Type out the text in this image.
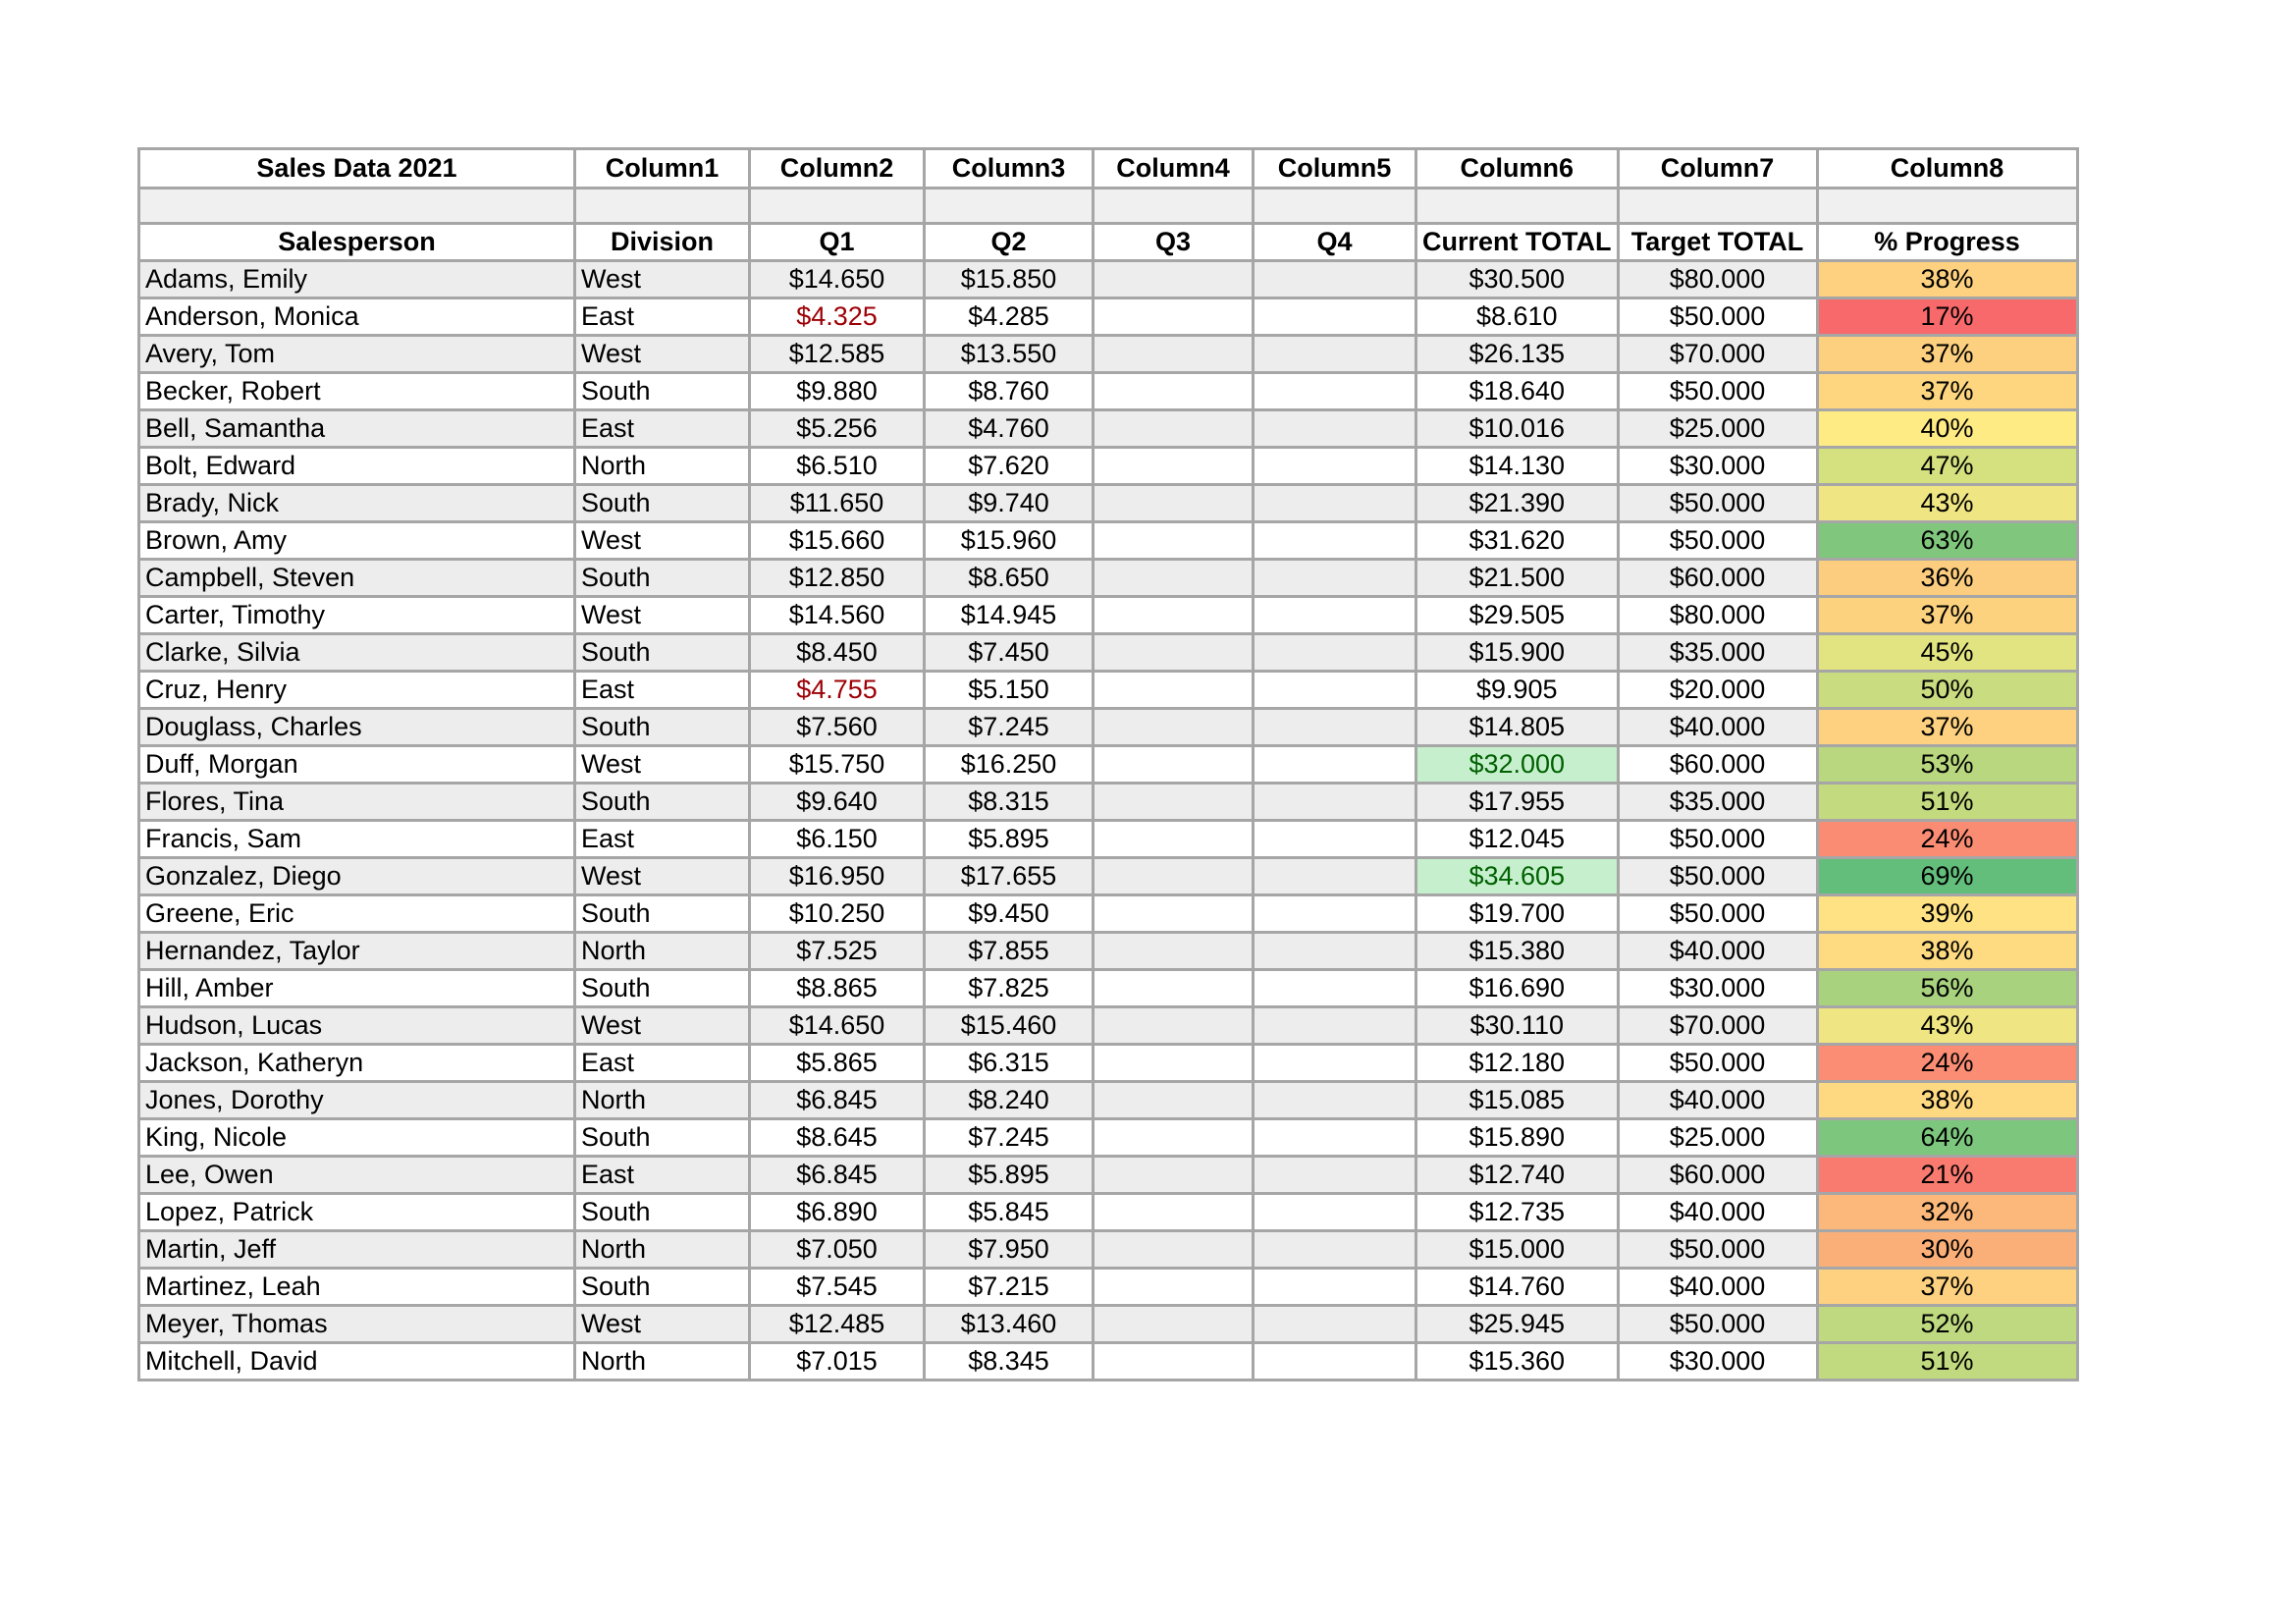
Sales Data 2021	Column1	Column2	Column3	Column4	Column5	Column6	Column7	Column8

Salesperson	Division	Q1	Q2	Q3	Q4	Current TOTAL	Target TOTAL	% Progress
Adams, Emily	West	$14.650	$15.850			$30.500	$80.000	38%
Anderson, Monica	East	$4.325	$4.285			$8.610	$50.000	17%
Avery, Tom	West	$12.585	$13.550			$26.135	$70.000	37%
Becker, Robert	South	$9.880	$8.760			$18.640	$50.000	37%
Bell, Samantha	East	$5.256	$4.760			$10.016	$25.000	40%
Bolt, Edward	North	$6.510	$7.620			$14.130	$30.000	47%
Brady, Nick	South	$11.650	$9.740			$21.390	$50.000	43%
Brown, Amy	West	$15.660	$15.960			$31.620	$50.000	63%
Campbell, Steven	South	$12.850	$8.650			$21.500	$60.000	36%
Carter, Timothy	West	$14.560	$14.945			$29.505	$80.000	37%
Clarke, Silvia	South	$8.450	$7.450			$15.900	$35.000	45%
Cruz, Henry	East	$4.755	$5.150			$9.905	$20.000	50%
Douglass, Charles	South	$7.560	$7.245			$14.805	$40.000	37%
Duff, Morgan	West	$15.750	$16.250			$32.000	$60.000	53%
Flores, Tina	South	$9.640	$8.315			$17.955	$35.000	51%
Francis, Sam	East	$6.150	$5.895			$12.045	$50.000	24%
Gonzalez, Diego	West	$16.950	$17.655			$34.605	$50.000	69%
Greene, Eric	South	$10.250	$9.450			$19.700	$50.000	39%
Hernandez, Taylor	North	$7.525	$7.855			$15.380	$40.000	38%
Hill, Amber	South	$8.865	$7.825			$16.690	$30.000	56%
Hudson, Lucas	West	$14.650	$15.460			$30.110	$70.000	43%
Jackson, Katheryn	East	$5.865	$6.315			$12.180	$50.000	24%
Jones, Dorothy	North	$6.845	$8.240			$15.085	$40.000	38%
King, Nicole	South	$8.645	$7.245			$15.890	$25.000	64%
Lee, Owen	East	$6.845	$5.895			$12.740	$60.000	21%
Lopez, Patrick	South	$6.890	$5.845			$12.735	$40.000	32%
Martin, Jeff	North	$7.050	$7.950			$15.000	$50.000	30%
Martinez, Leah	South	$7.545	$7.215			$14.760	$40.000	37%
Meyer, Thomas	West	$12.485	$13.460			$25.945	$50.000	52%
Mitchell, David	North	$7.015	$8.345			$15.360	$30.000	51%
